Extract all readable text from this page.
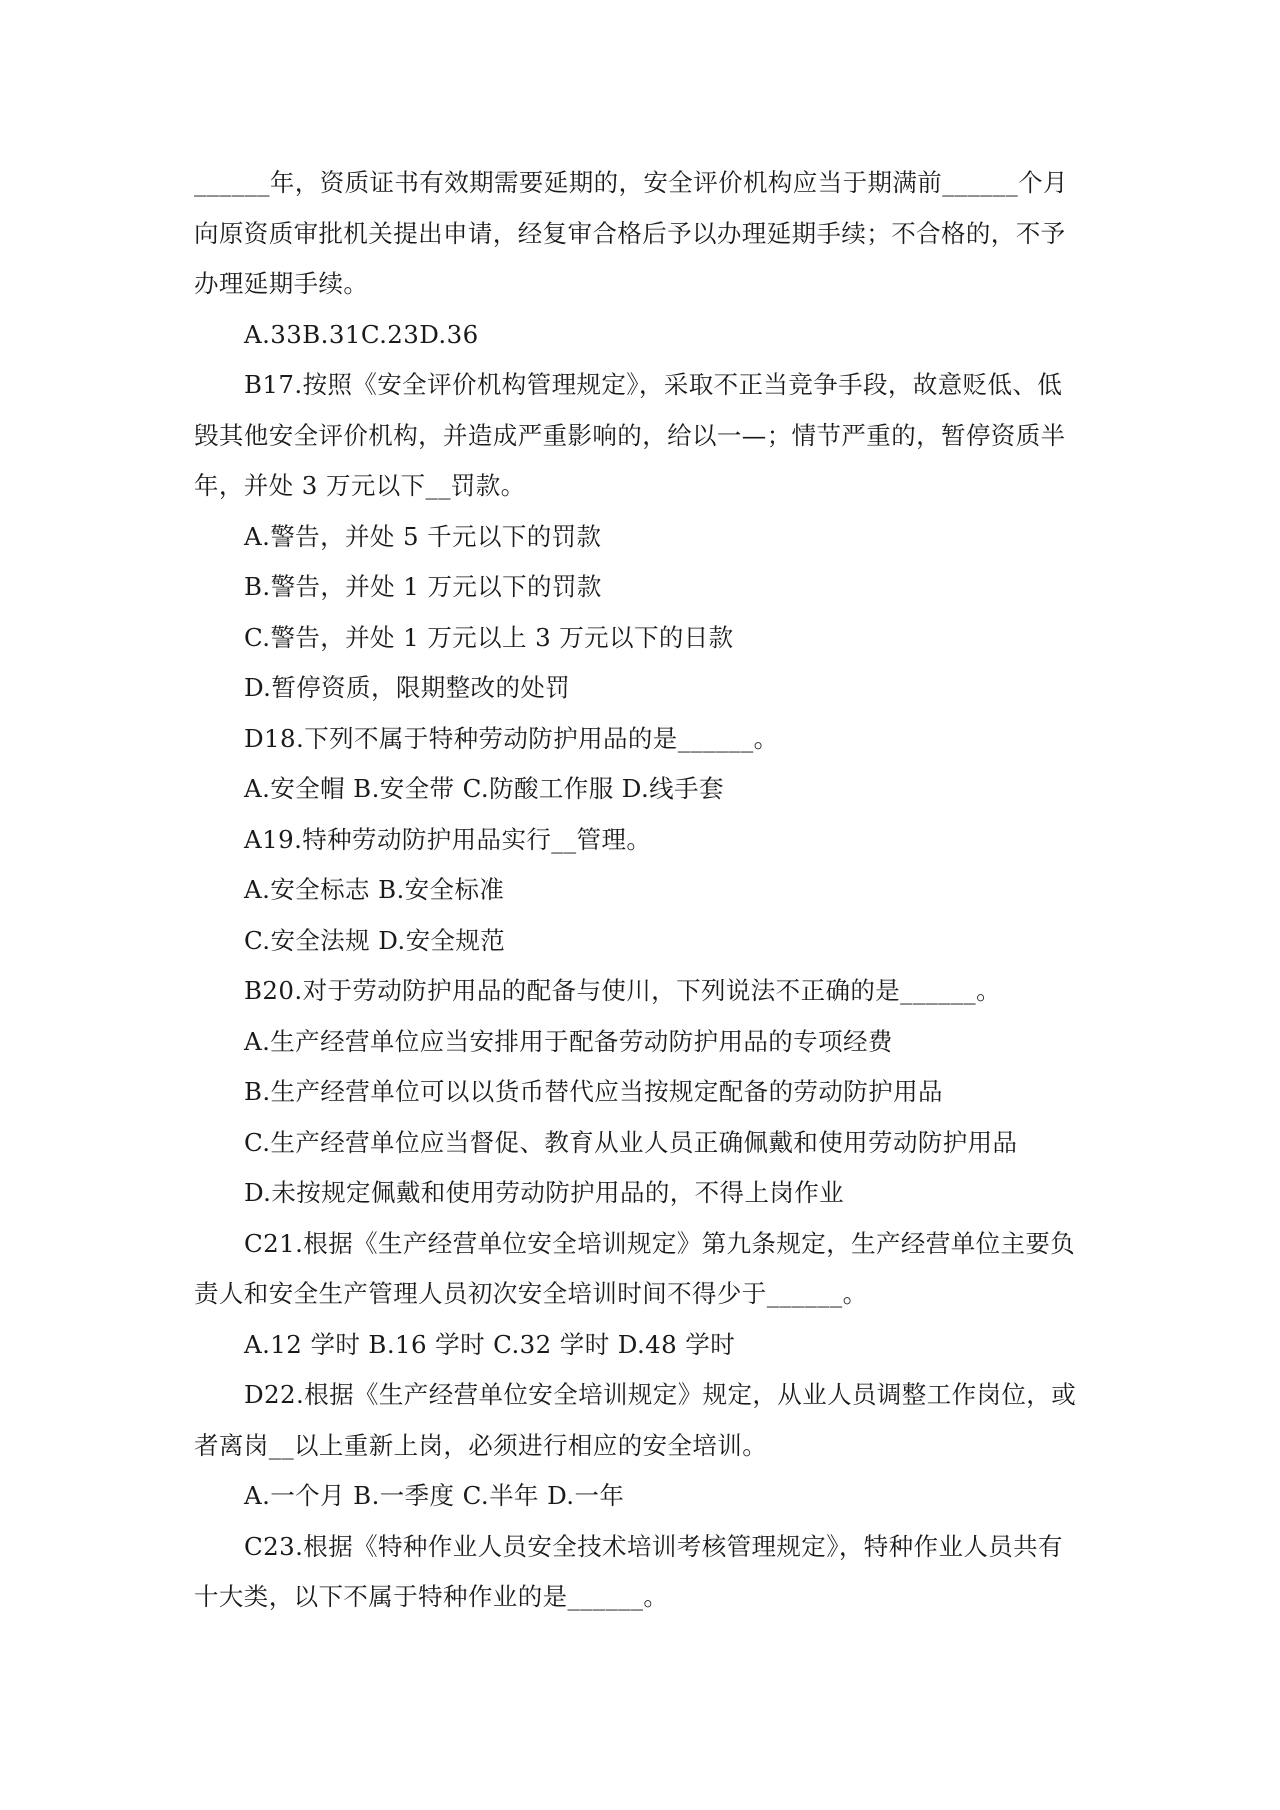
______年，资质证书有效期需要延期的，安全评价机构应当于期满前______个月
向原资质审批机关提出申请，经复审合格后予以办理延期手续；不合格的，不予
办理延期手续。
A.33B.31C.23D.36
B17.按照《安全评价机构管理规定》，采取不正当竞争手段，故意贬低、低
毁其他安全评价机构，并造成严重影响的，给以一—；情节严重的，暂停资质半
年，并处 3 万元以下__罚款。
A.警告，并处 5 千元以下的罚款
B.警告，并处 1 万元以下的罚款
C.警告，并处 1 万元以上 3 万元以下的日款
D.暂停资质，限期整改的处罚
D18.下列不属于特种劳动防护用品的是______。
A.安全帽 B.安全带 C.防酸工作服 D.线手套
A19.特种劳动防护用品实行__管理。
A.安全标志 B.安全标准
C.安全法规 D.安全规范
B20.对于劳动防护用品的配备与使川，下列说法不正确的是______。
A.生产经营单位应当安排用于配备劳动防护用品的专项经费
B.生产经营单位可以以货币替代应当按规定配备的劳动防护用品
C.生产经营单位应当督促、教育从业人员正确佩戴和使用劳动防护用品
D.未按规定佩戴和使用劳动防护用品的，不得上岗作业
C21.根据《生产经营单位安全培训规定》第九条规定，生产经营单位主要负
责人和安全生产管理人员初次安全培训时间不得少于______。
A.12 学时 B.16 学时 C.32 学时 D.48 学时
D22.根据《生产经营单位安全培训规定》规定，从业人员调整工作岗位，或
者离岗__以上重新上岗，必须进行相应的安全培训。
A.一个月 B.一季度 C.半年 D.一年
C23.根据《特种作业人员安全技术培训考核管理规定》，特种作业人员共有
十大类，以下不属于特种作业的是______。
